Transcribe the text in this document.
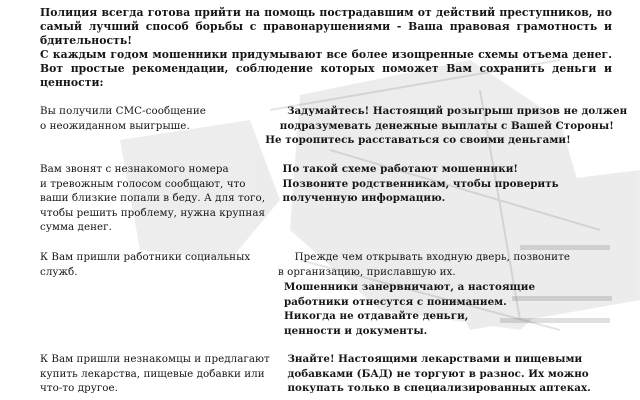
Полиция всегда готова прийти на помощь пострадавшим от действий преступников, но самый лучший способ борьбы с правонарушениями - Ваша правовая грамотность и бдительность!

С каждым годом мошенники придумывают все более изощренные схемы отъема денег. Вот простые рекомендации, соблюдение которых поможет Вам сохранить деньги и ценности:

Вы получили СМС-сообщение
о неожиданном выигрыше.
Задумайтесь! Настоящий розыгрыш призов не должен
подразумевать денежные выплаты с Вашей Стороны!
Не торопитесь расставаться со своими деньгами!
Вам звонят с незнакомого номера
и тревожным голосом сообщают, что
ваши близкие попали в беду. А для того,
чтобы решить проблему, нужна крупная
сумма денег.
По такой схеме работают мошенники!
Позвоните родственникам, чтобы проверить
полученную информацию.
К Вам пришли работники социальных
служб.
Прежде чем открывать входную дверь, позвоните
в организацию, приславшую их.
Мошенники занервничают, а настоящие
работники отнесутся с пониманием.
Никогда не отдавайте деньги,
ценности и документы.
К Вам пришли незнакомцы и предлагают
купить лекарства, пищевые добавки или
что-то другое.
Знайте! Настоящими лекарствами и пищевыми
добавками (БАД) не торгуют в разнос. Их можно
покупать только в специализированных аптеках.
